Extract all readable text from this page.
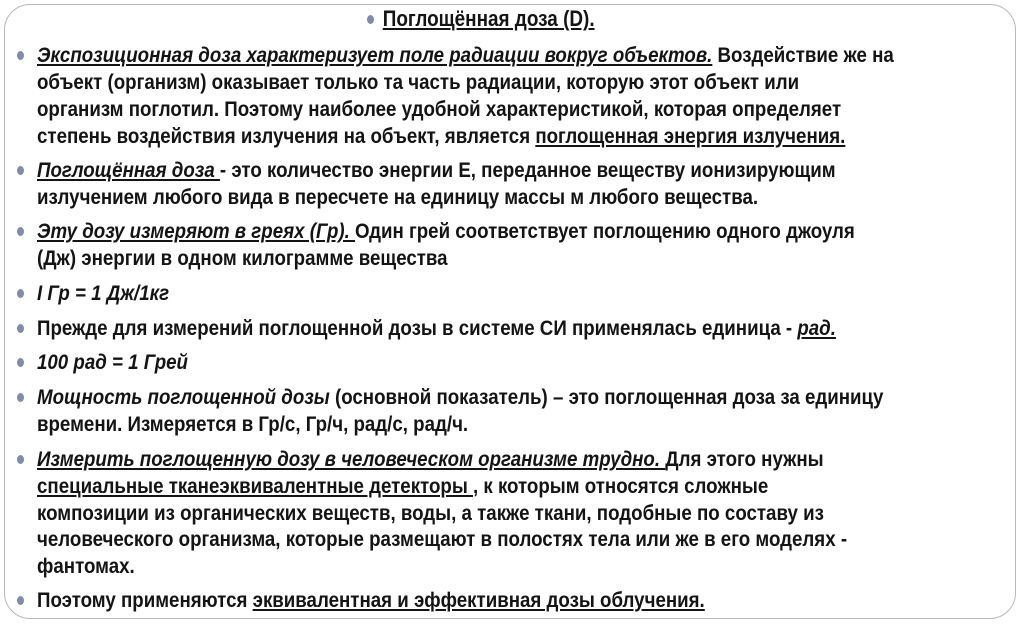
Поглощённая доза (D).
Экспозиционная доза характеризует поле радиации вокруг объектов. Воздействие же на
объект (организм) оказывает только та часть радиации, которую этот объект или
организм поглотил. Поэтому наиболее удобной характеристикой, которая определяет
степень воздействия излучения на объект, является поглощенная энергия излучения.
Поглощённая доза - это количество энергии Е, переданное веществу ионизирующим
излучением любого вида в пересчете на единицу массы м любого вещества.
Эту дозу измеряют в греях (Гр). Один грей соответствует поглощению одного джоуля
(Дж) энергии в одном килограмме вещества
I Гр = 1 Дж/1кг
Прежде для измерений поглощенной дозы в системе СИ применялась единица - рад.
100 рад = 1 Грей
Мощность поглощенной дозы (основной показатель) – это поглощенная доза за единицу
времени. Измеряется в Гр/с, Гр/ч, рад/с, рад/ч.
Измерить поглощенную дозу в человеческом организме трудно. Для этого нужны
специальные тканеэквивалентные детекторы , к которым относятся сложные
композиции из органических веществ, воды, а также ткани, подобные по составу из
человеческого организма, которые размещают в полостях тела или же в его моделях -
фантомах.
Поэтому применяются эквивалентная и эффективная дозы облучения.
